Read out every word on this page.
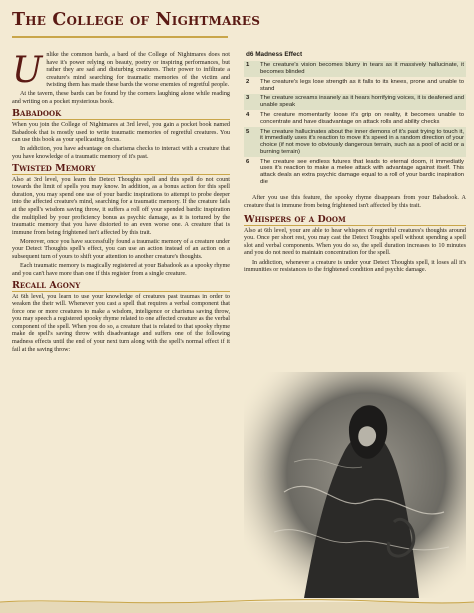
The College of Nightmares

Unlike the common bards, a bard of the College of Nightmares does not have it's power relying on beauty, poetry or inspiring performances, but rather they are sad and disturbing creatures. Their power to infiltrate a creature's mind searching for traumatic memories of the victim and twisting them has made these bards the worse enemies of regretful people.

At the tavern, these bards can be found by the corners laughing alone while reading and writing on a pocket mysterious book.

Babadook

When you join the College of Nightmares at 3rd level, you gain a pocket book named Babadook that is mostly used to write traumatic memories of regretful creatures. You can use this book as your spellcasting focus.

In addiction, you have advantage on charisma checks to interact with a creature that you have knowledge of a traumatic memory of it's past.

Twisted Memory

Also at 3rd level, you learn the Detect Thoughts spell and this spell do not count towards the limit of spells you may know. In addition, as a bonus action for this spell duration, you may spend one use of your bardic inspirations to attempt to probe deeper into the affected creature's mind, searching for a traumatic memory. If the creature fails at the spell's wisdom saving throw, it suffers a roll off your spended bardic inspiration die multiplied by your proficiency bonus as psychic damage, as it is tortured by the traumatic memory that you have distorted to an even worse one. A creature that is immune from being frightened isn't affected by this trait.

Moreover, once you have successfully found a traumatic memory of a creature under your Detect Thoughts spell's effect, you can use an action instead of an action on a subsequent turn of yours to shift your attention to another creature's thoughts.

Each traumatic memory is magically registered at your Babadook as a spooky rhyme and you can't have more than one if this register from a single creature.

Recall Agony

At 6th level, you learn to use your knowledge of creatures past traumas in order to weaken the their will. Whenever you cast a spell that requires a verbal component that force one or more creatures to make a wisdom, inteligence or charisma saving throw, you may speech a registered spooky rhyme related to one affected creature as the verbal component of the spell. When you do so, a creature that is related to that spooky rhyme make de spell's saving throw with disadvantage and suffers one of the following madness effects until the end of your next turn along with the spell's normal effect if it fail at the saving throw:

d6 Madness Effect
1	The creature's vision becomes blurry in tears as it massively hallucinate, it becomes blinded
2	The creature's legs lose strength as it falls to its knees, prone and unable to stand
3	The creature screams insanely as it hears horrifying voices, it is deafened and unable speak
4	The creature momentarily loose it's grip on reality, it becomes unable to concentrate and have disadvantage on attack rolls and ability checks
5	The creature hallucinates about the inner demons of it's past trying to touch it, it immediatly uses it's reaction to move it's speed in a random direction of your choice (if not move to obviously dangerous terrain, such as a pool of acid or a burning terrain)
6	The creature see endless futures that leads to eternal doom, it immediatly uses it's reaction to make a melee attack with advantage against itself. This attack deals an extra psychic damage equal to a roll of your bardic inspiration die

After you use this feature, the spooky rhyme disappears from your Babadook. A creature that is immune from being frightened isn't affected by this trait.

Whispers of a Doom

Also at 6th level, your are able to hear whispers of regretful creatures's thoughts around you. Once per short rest, you may cast the Detect Toughts spell without spending a spell slot and verbal components. When you do so, the spell duration increases to 10 minutes and you do not need to maintain concentration for the spell.

In addiction, whenever a creature is under your Detect Thoughts spell, it loses all it's immunities or resistances to the frightened condition and psychic damage.
